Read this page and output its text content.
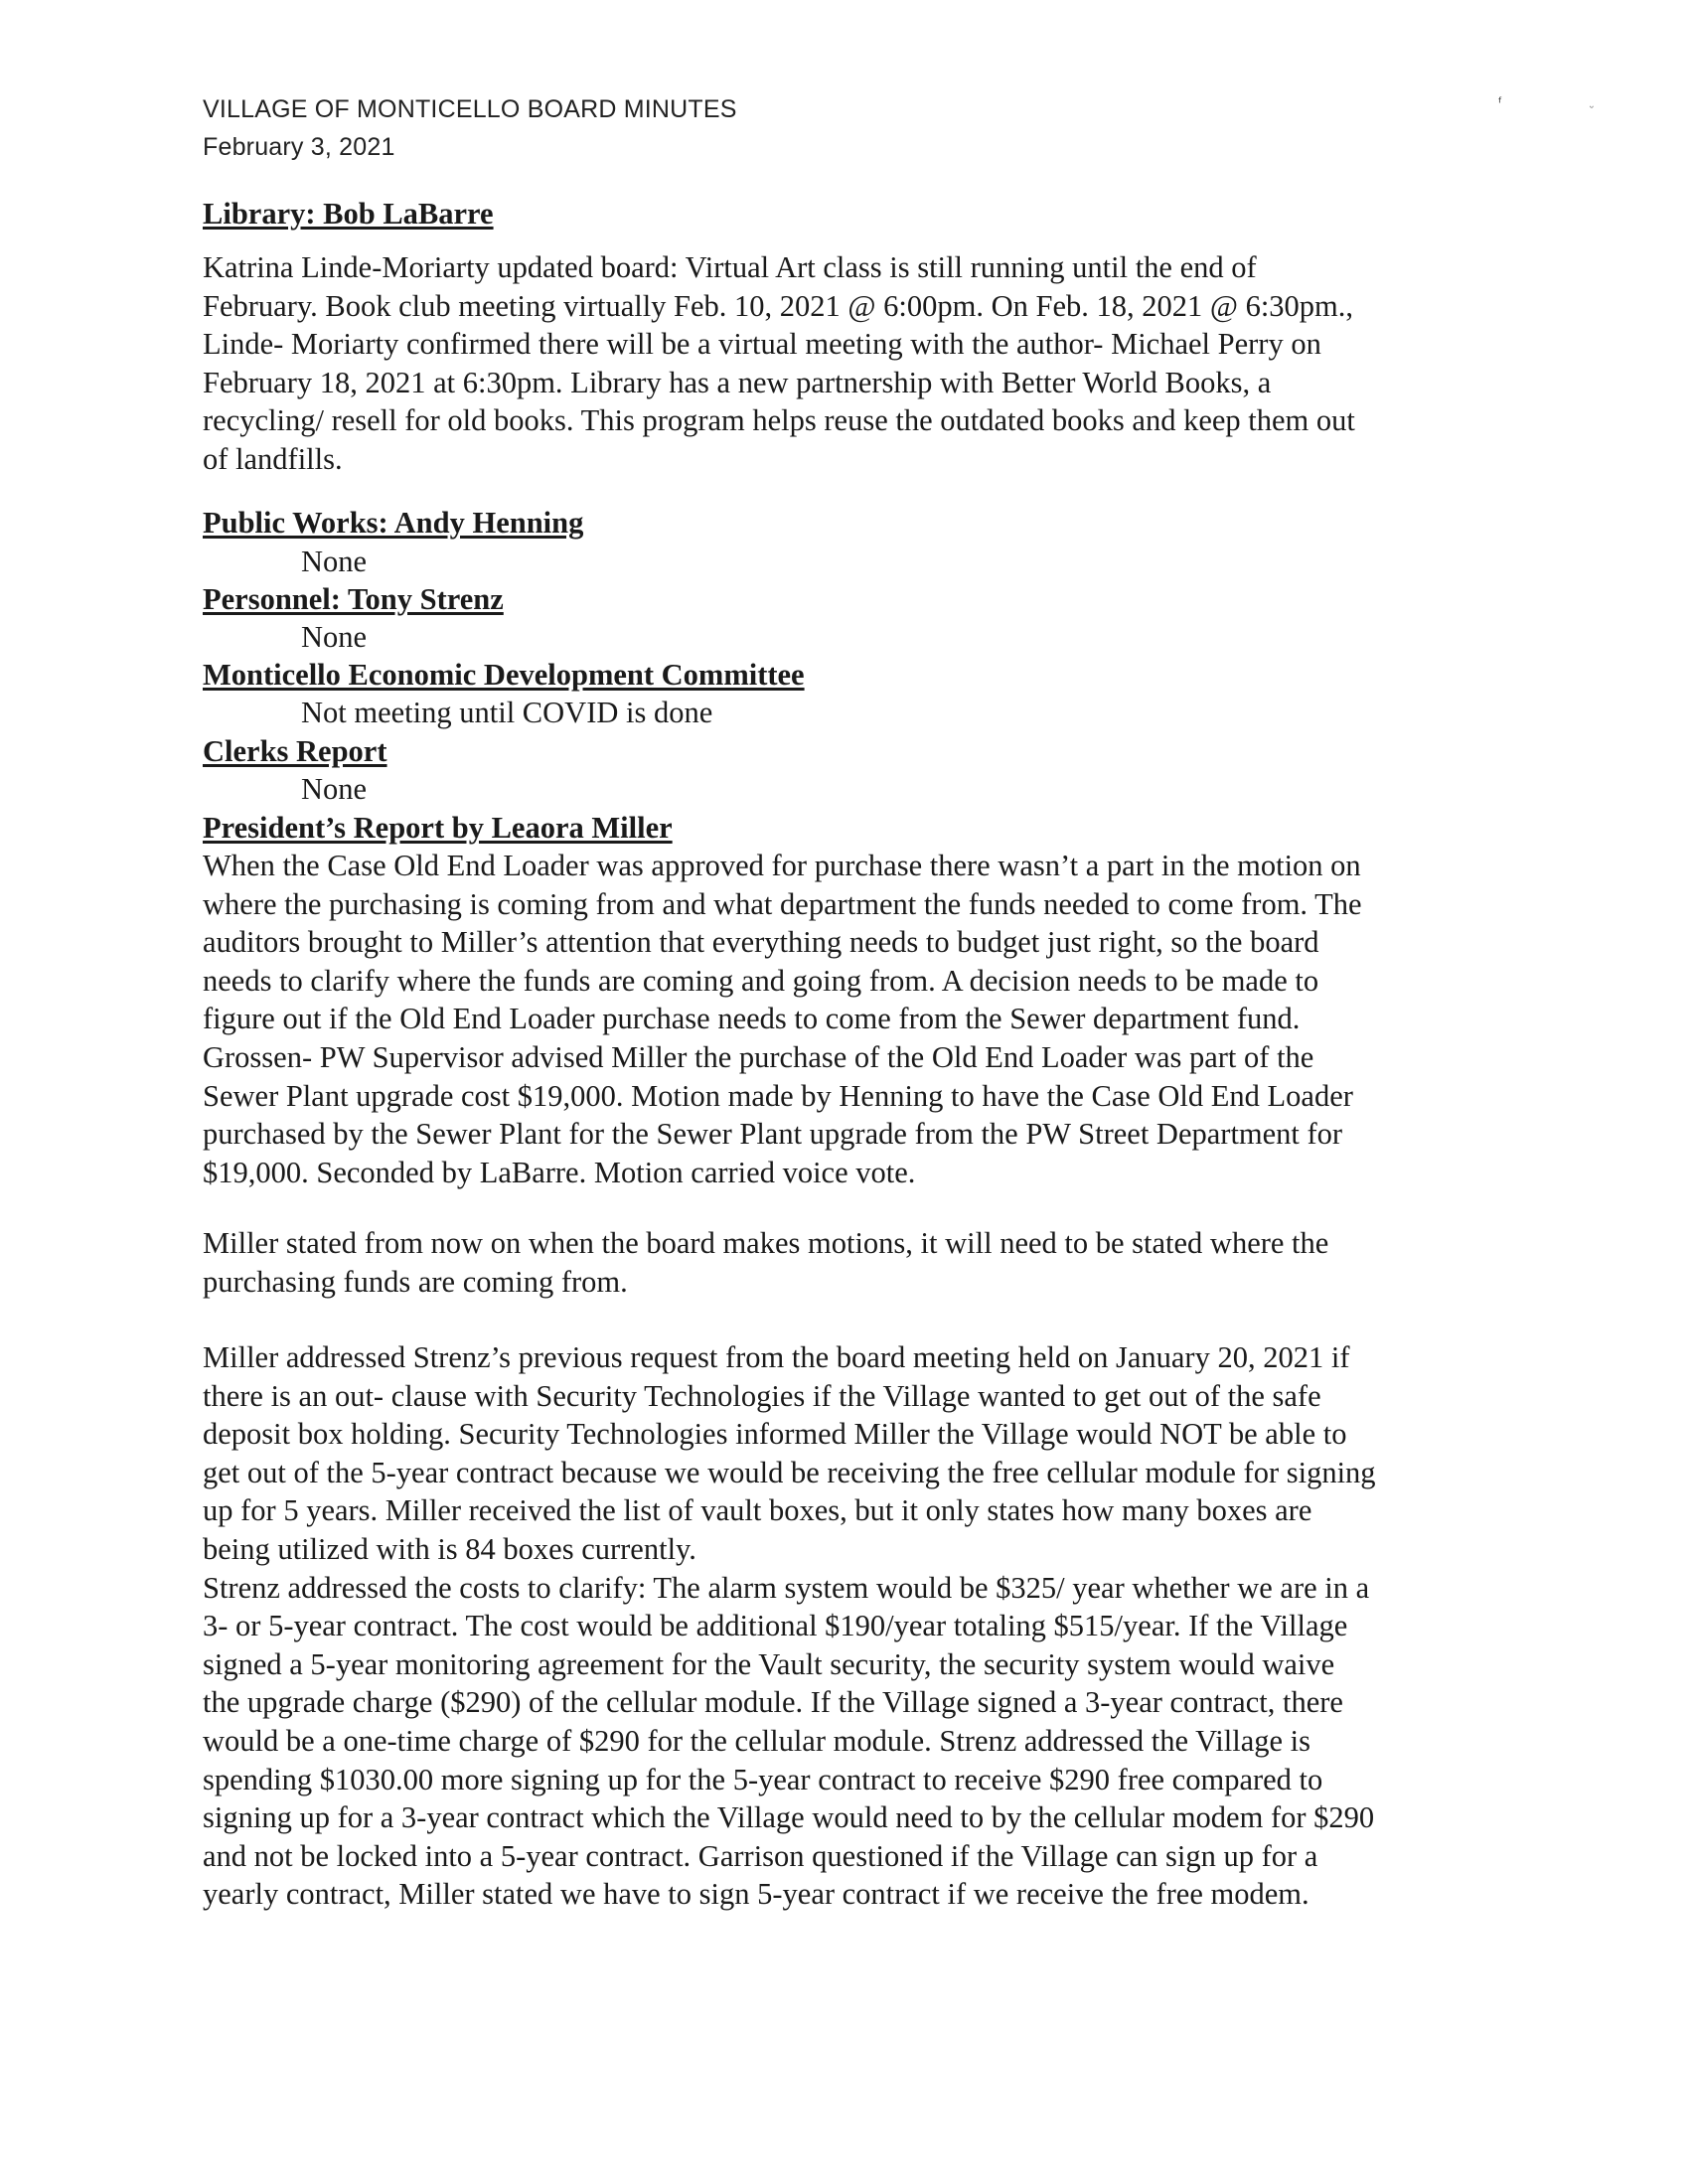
VILLAGE OF MONTICELLO BOARD MINUTES
February 3, 2021
ᶠ	ᵕ
Library: Bob LaBarre
Katrina Linde-Moriarty updated board: Virtual Art class is still running until the end of
February. Book club meeting virtually Feb. 10, 2021 @ 6:00pm. On Feb. 18, 2021 @ 6:30pm.,
Linde- Moriarty confirmed there will be a virtual meeting with the author- Michael Perry on
February 18, 2021 at 6:30pm. Library has a new partnership with Better World Books, a
recycling/ resell for old books. This program helps reuse the outdated books and keep them out
of landfills.
Public Works: Andy Henning
None
Personnel: Tony Strenz
None
Monticello Economic Development Committee
Not meeting until COVID is done
Clerks Report
None
President’s Report by Leaora Miller
When the Case Old End Loader was approved for purchase there wasn’t a part in the motion on
where the purchasing is coming from and what department the funds needed to come from. The
auditors brought to Miller’s attention that everything needs to budget just right, so the board
needs to clarify where the funds are coming and going from. A decision needs to be made to
figure out if the Old End Loader purchase needs to come from the Sewer department fund.
Grossen- PW Supervisor advised Miller the purchase of the Old End Loader was part of the
Sewer Plant upgrade cost $19,000. Motion made by Henning to have the Case Old End Loader
purchased by the Sewer Plant for the Sewer Plant upgrade from the PW Street Department for
$19,000. Seconded by LaBarre. Motion carried voice vote.
Miller stated from now on when the board makes motions, it will need to be stated where the
purchasing funds are coming from.
Miller addressed Strenz’s previous request from the board meeting held on January 20, 2021 if
there is an out- clause with Security Technologies if the Village wanted to get out of the safe
deposit box holding. Security Technologies informed Miller the Village would NOT be able to
get out of the 5-year contract because we would be receiving the free cellular module for signing
up for 5 years. Miller received the list of vault boxes, but it only states how many boxes are
being utilized with is 84 boxes currently.
Strenz addressed the costs to clarify: The alarm system would be $325/ year whether we are in a
3- or 5-year contract. The cost would be additional $190/year totaling $515/year. If the Village
signed a 5-year monitoring agreement for the Vault security, the security system would waive
the upgrade charge ($290) of the cellular module. If the Village signed a 3-year contract, there
would be a one-time charge of $290 for the cellular module. Strenz addressed the Village is
spending $1030.00 more signing up for the 5-year contract to receive $290 free compared to
signing up for a 3-year contract which the Village would need to by the cellular modem for $290
and not be locked into a 5-year contract. Garrison questioned if the Village can sign up for a
yearly contract, Miller stated we have to sign 5-year contract if we receive the free modem.
